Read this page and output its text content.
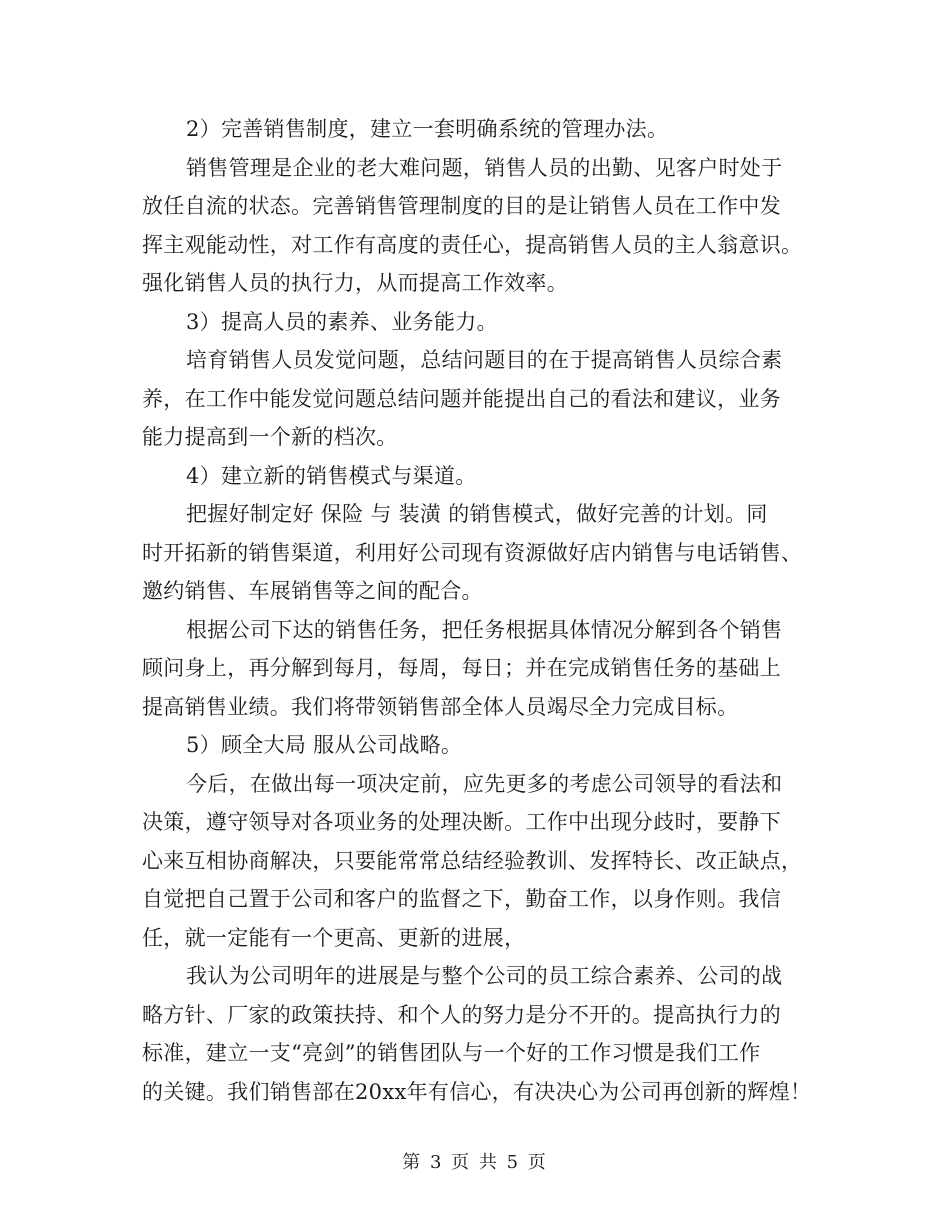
2）完善销售制度，建立一套明确系统的管理办法。
销售管理是企业的老大难问题，销售人员的出勤、见客户时处于
放任自流的状态。完善销售管理制度的目的是让销售人员在工作中发
挥主观能动性，对工作有高度的责任心，提高销售人员的主人翁意识。
强化销售人员的执行力，从而提高工作效率。
3）提高人员的素养、业务能力。
培育销售人员发觉问题，总结问题目的在于提高销售人员综合素
养，在工作中能发觉问题总结问题并能提出自己的看法和建议，业务
能力提高到一个新的档次。
4）建立新的销售模式与渠道。
把握好制定好 保险 与 装潢 的销售模式，做好完善的计划。同
时开拓新的销售渠道，利用好公司现有资源做好店内销售与电话销售、
邀约销售、车展销售等之间的配合。
根据公司下达的销售任务，把任务根据具体情况分解到各个销售
顾问身上，再分解到每月，每周，每日；并在完成销售任务的基础上
提高销售业绩。我们将带领销售部全体人员竭尽全力完成目标。
5）顾全大局 服从公司战略。
今后，在做出每一项决定前，应先更多的考虑公司领导的看法和
决策，遵守领导对各项业务的处理决断。工作中出现分歧时，要静下
心来互相协商解决，只要能常常总结经验教训、发挥特长、改正缺点，
自觉把自己置于公司和客户的监督之下，勤奋工作，以身作则。我信
任，就一定能有一个更高、更新的进展，
我认为公司明年的进展是与整个公司的员工综合素养、公司的战
略方针、厂家的政策扶持、和个人的努力是分不开的。提高执行力的
标准，建立一支“亮剑”的销售团队与一个好的工作习惯是我们工作
的关键。我们销售部在20xx年有信心，有决决心为公司再创新的辉煌！
第 3 页 共 5 页
